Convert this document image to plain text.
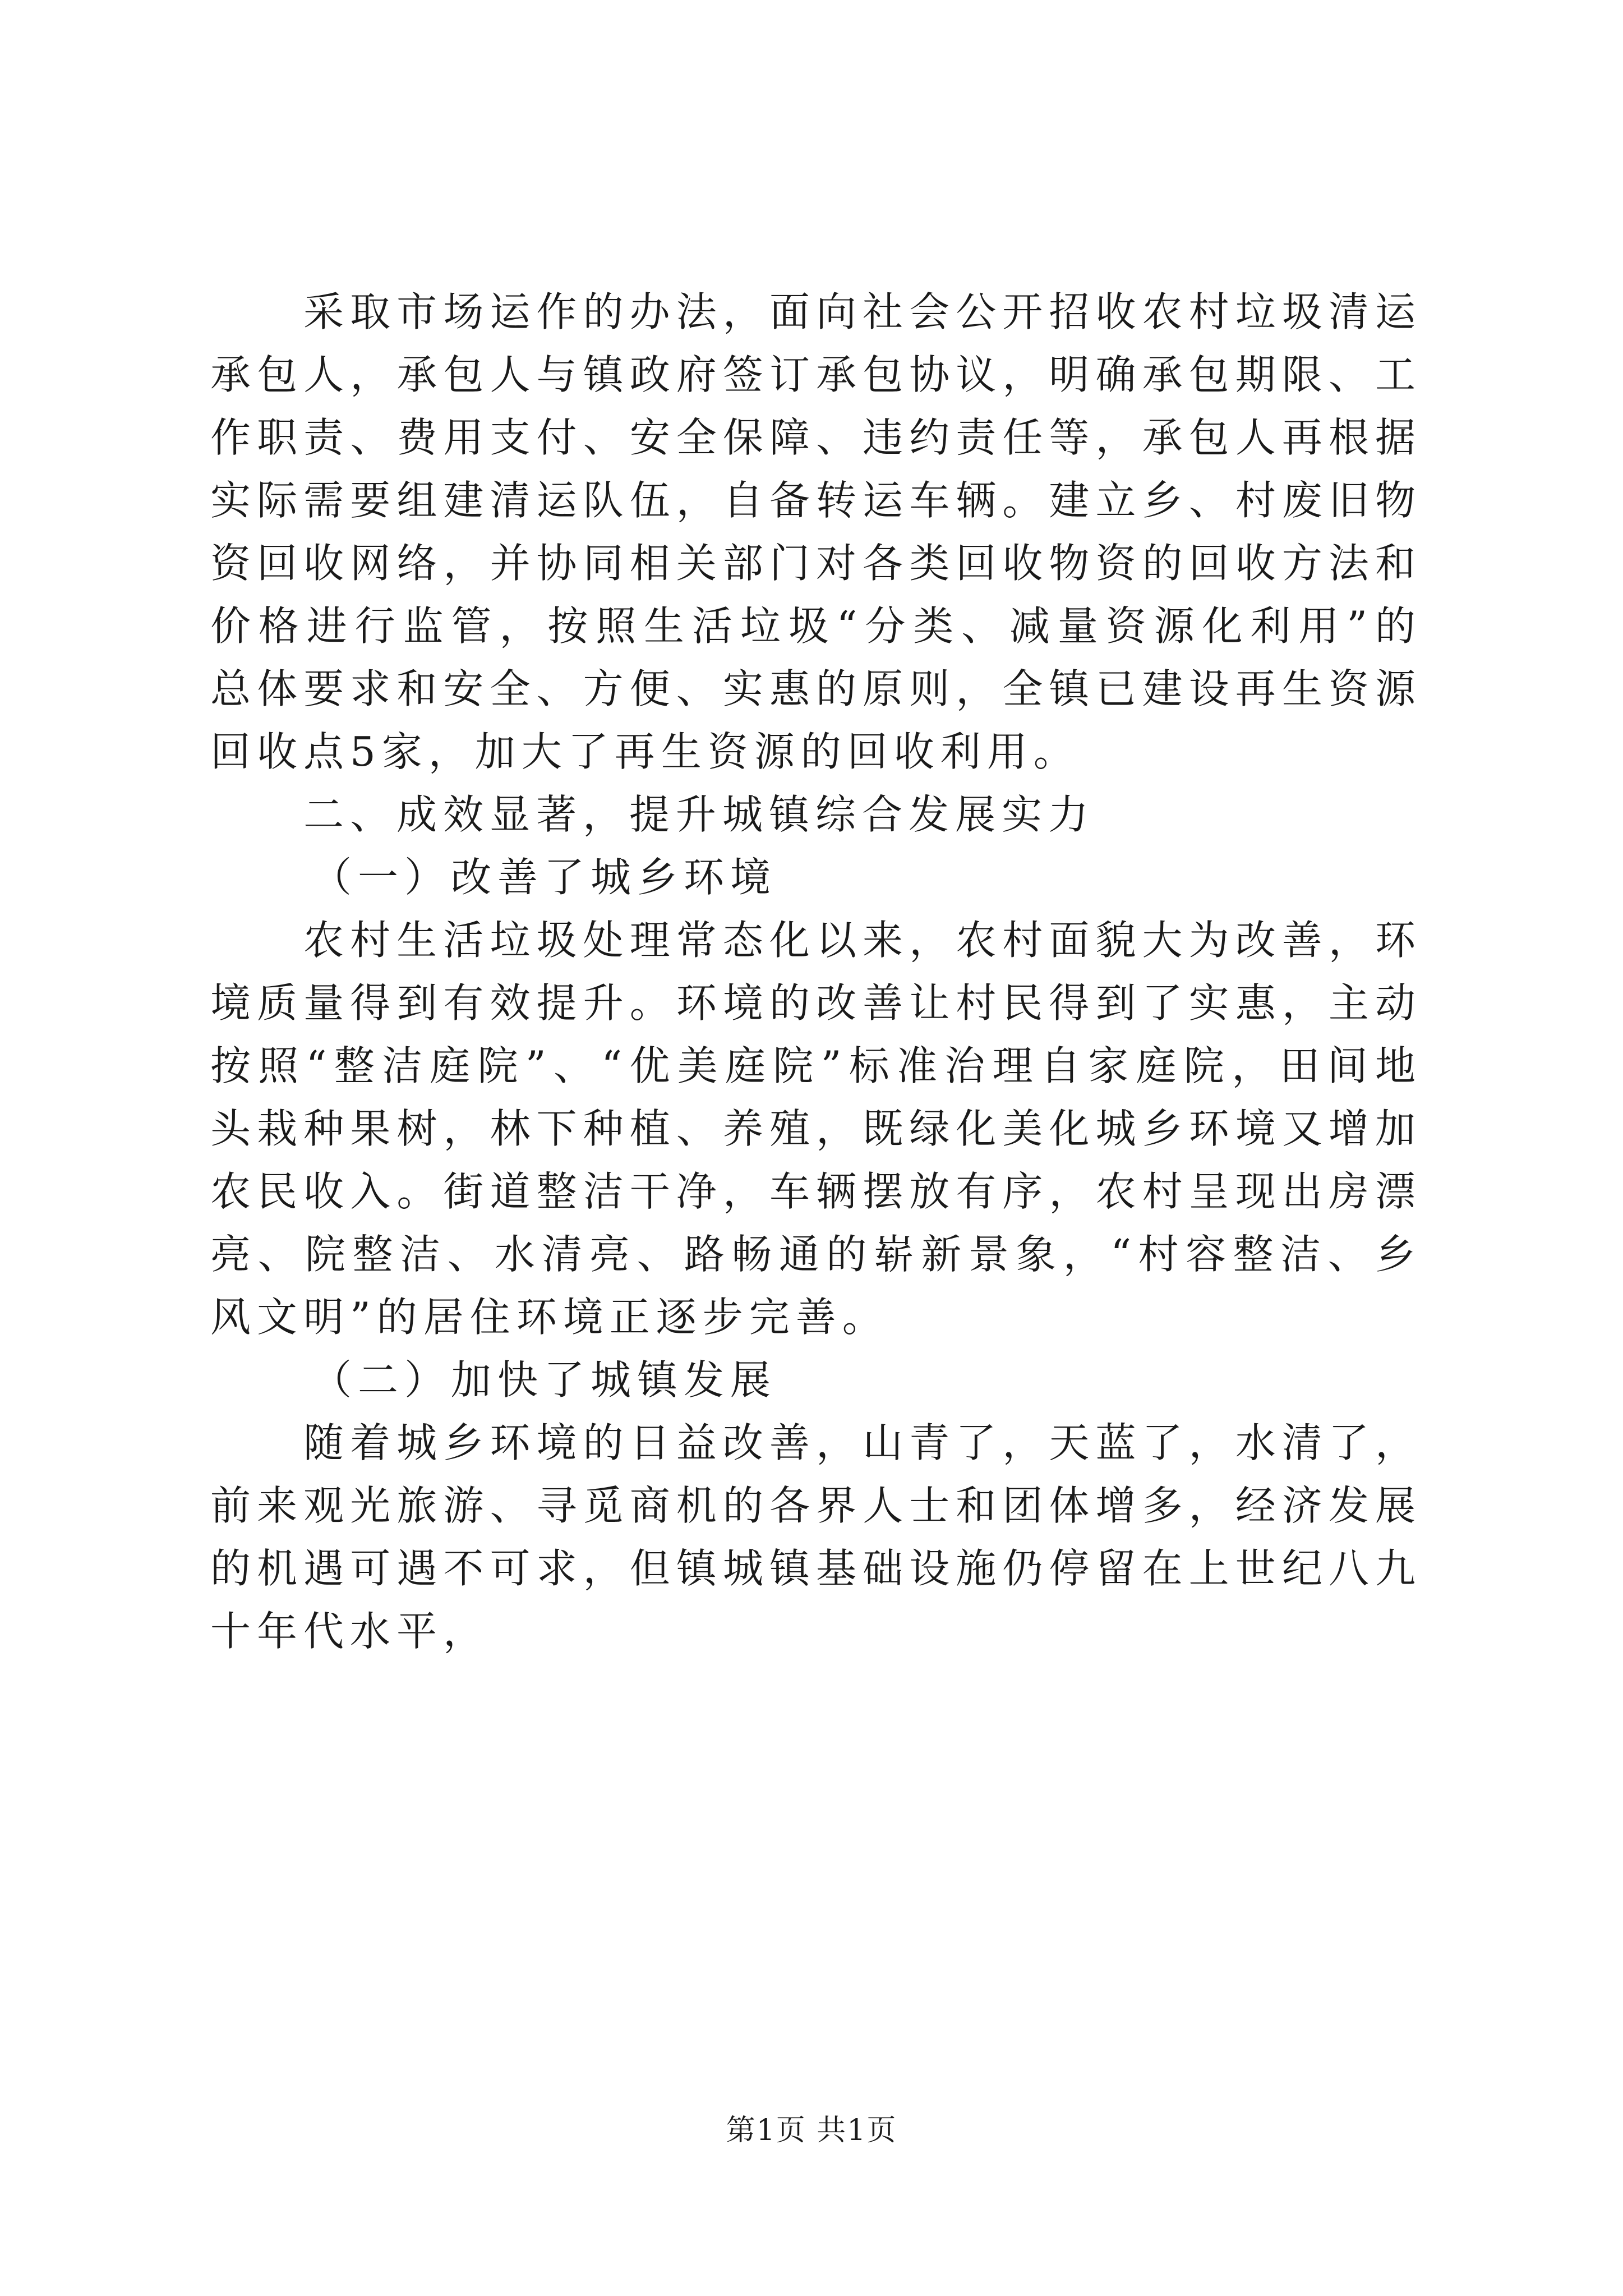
采取市场运作的办法，面向社会公开招收农村垃圾清运承包人，承包人与镇政府签订承包协议，明确承包期限、工作职责、费用支付、安全保障、违约责任等，承包人再根据实际需要组建清运队伍，自备转运车辆。建立乡、村废旧物资回收网络，并协同相关部门对各类回收物资的回收方法和价格进行监管，按照生活垃圾“分类、减量资源化利用”的总体要求和安全、方便、实惠的原则，全镇已建设再生资源回收点5家，加大了再生资源的回收利用。

二、成效显著，提升城镇综合发展实力

（一）改善了城乡环境

农村生活垃圾处理常态化以来，农村面貌大为改善，环境质量得到有效提升。环境的改善让村民得到了实惠，主动按照“整洁庭院”、“优美庭院”标准治理自家庭院，田间地头栽种果树，林下种植、养殖，既绿化美化城乡环境又增加农民收入。街道整洁干净，车辆摆放有序，农村呈现出房漂亮、院整洁、水清亮、路畅通的崭新景象，“村容整洁、乡风文明”的居住环境正逐步完善。

（二）加快了城镇发展

随着城乡环境的日益改善，山青了，天蓝了，水清了，前来观光旅游、寻觅商机的各界人士和团体增多，经济发展的机遇可遇不可求，但镇城镇基础设施仍停留在上世纪八九十年代水平，

第1页 共1页
